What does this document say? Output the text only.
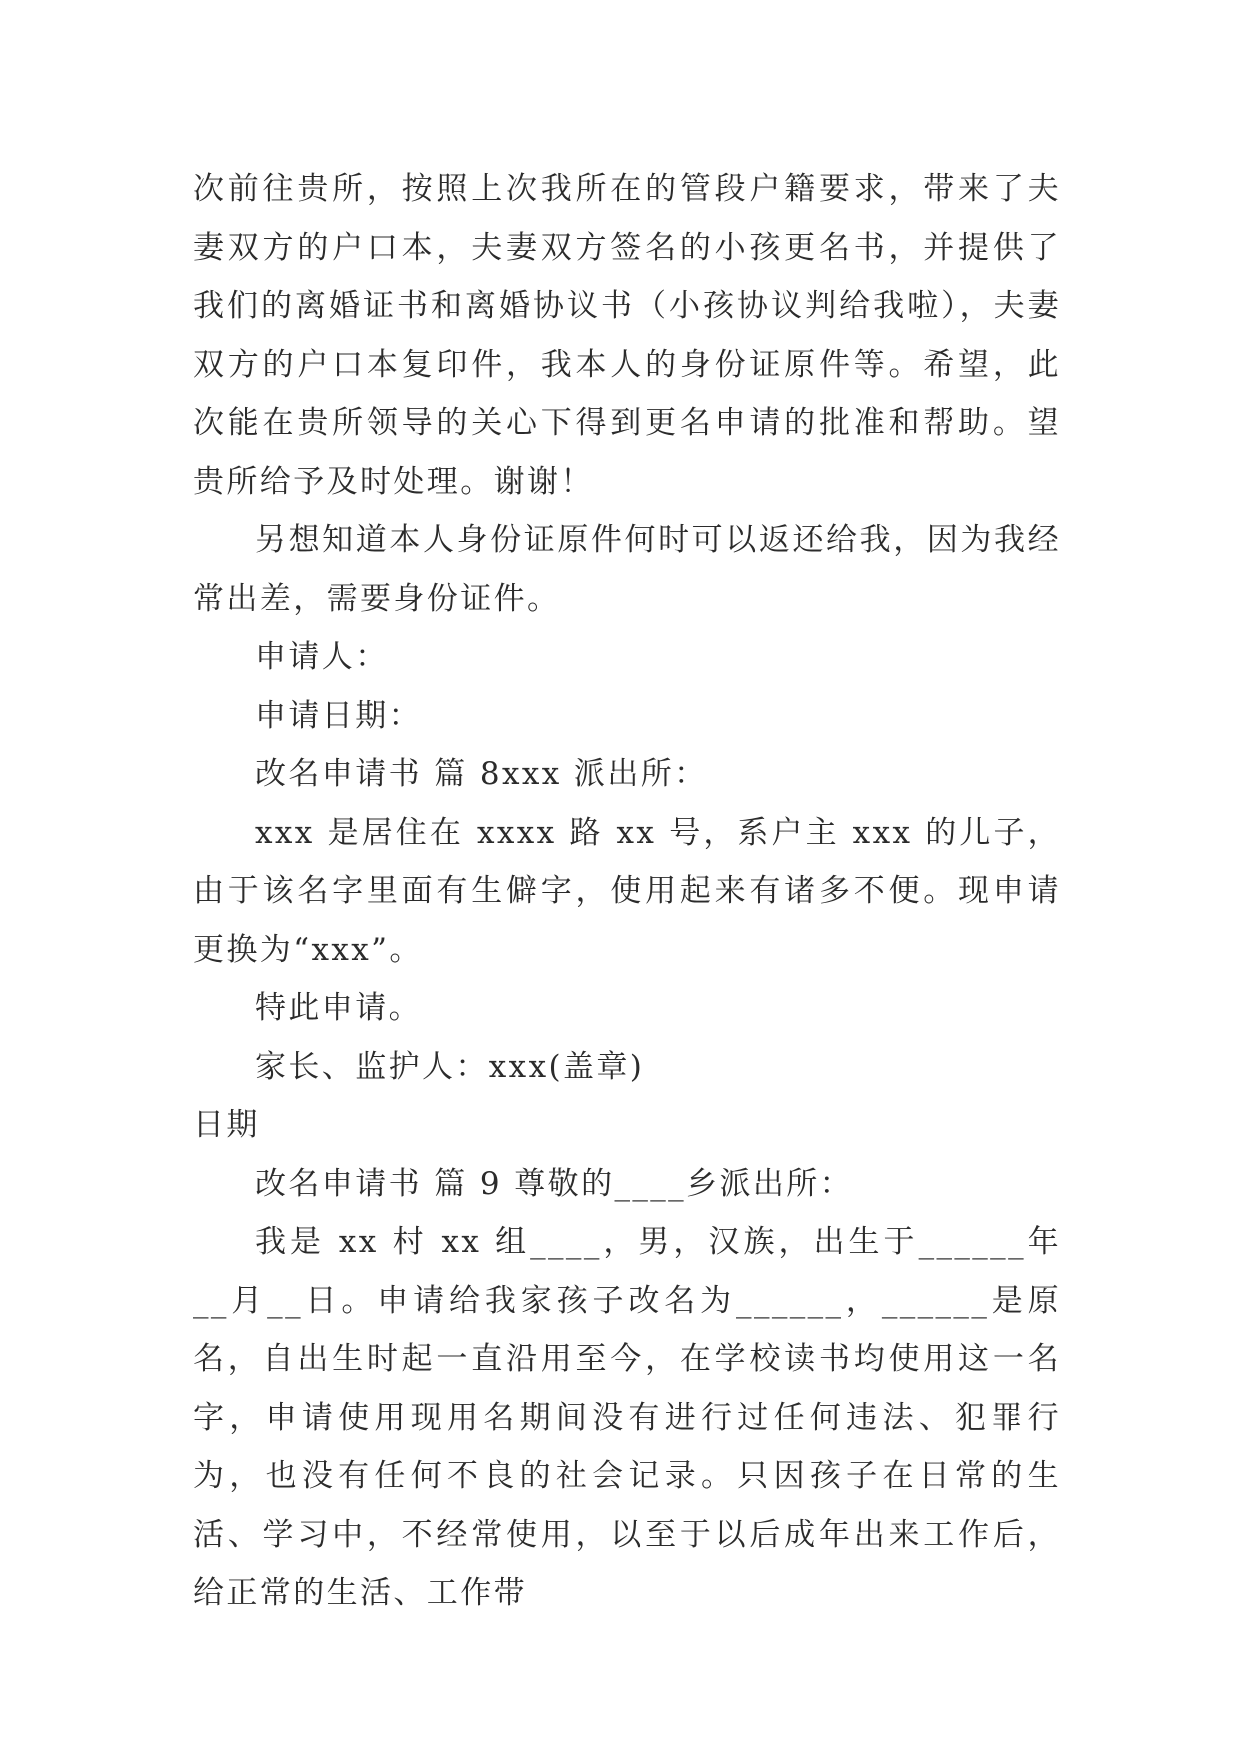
次前往贵所，按照上次我所在的管段户籍要求，带来了夫妻双方的户口本，夫妻双方签名的小孩更名书，并提供了我们的离婚证书和离婚协议书（小孩协议判给我啦），夫妻双方的户口本复印件，我本人的身份证原件等。希望，此次能在贵所领导的关心下得到更名申请的批准和帮助。望贵所给予及时处理。谢谢！

另想知道本人身份证原件何时可以返还给我，因为我经常出差，需要身份证件。

申请人：

申请日期：

改名申请书 篇 8xxx 派出所：

xxx 是居住在 xxxx 路 xx 号，系户主 xxx 的儿子，由于该名字里面有生僻字，使用起来有诸多不便。现申请更换为“xxx”。

特此申请。

家长、监护人：xxx(盖章)

日期

改名申请书 篇 9 尊敬的____乡派出所：

我是 xx 村 xx 组____，男，汉族，出生于______年__月__日。申请给我家孩子改名为______，______是原名，自出生时起一直沿用至今，在学校读书均使用这一名字，申请使用现用名期间没有进行过任何违法、犯罪行为，也没有任何不良的社会记录。只因孩子在日常的生活、学习中，不经常使用，以至于以后成年出来工作后，给正常的生活、工作带
